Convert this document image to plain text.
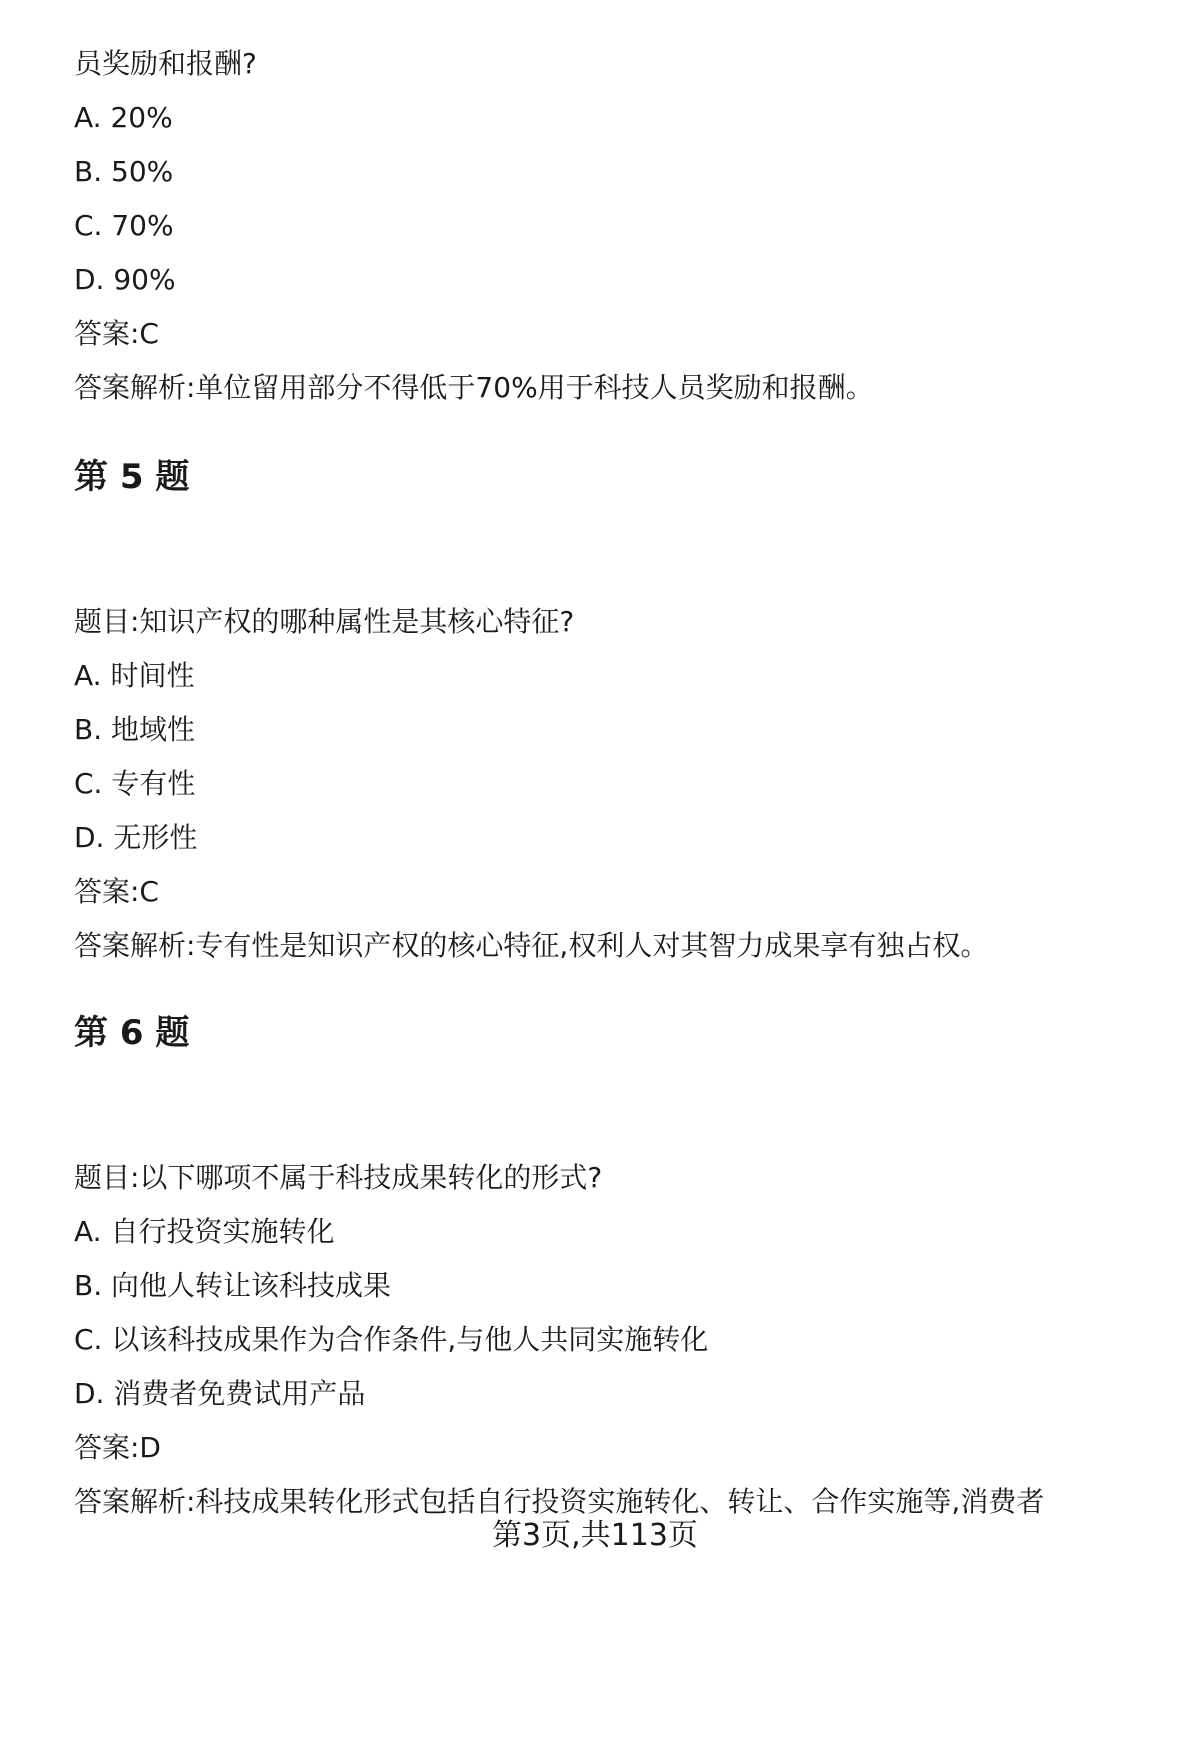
员奖励和报酬?
A. 20%
B. 50%
C. 70%
D. 90%
答案:C
答案解析:单位留用部分不得低于70%用于科技人员奖励和报酬。
第 5 题
题目:知识产权的哪种属性是其核心特征?
A. 时间性
B. 地域性
C. 专有性
D. 无形性
答案:C
答案解析:专有性是知识产权的核心特征,权利人对其智力成果享有独占权。
第 6 题
题目:以下哪项不属于科技成果转化的形式?
A. 自行投资实施转化
B. 向他人转让该科技成果
C. 以该科技成果作为合作条件,与他人共同实施转化
D. 消费者免费试用产品
答案:D
答案解析:科技成果转化形式包括自行投资实施转化、转让、合作实施等,消费者
第3页,共113页
